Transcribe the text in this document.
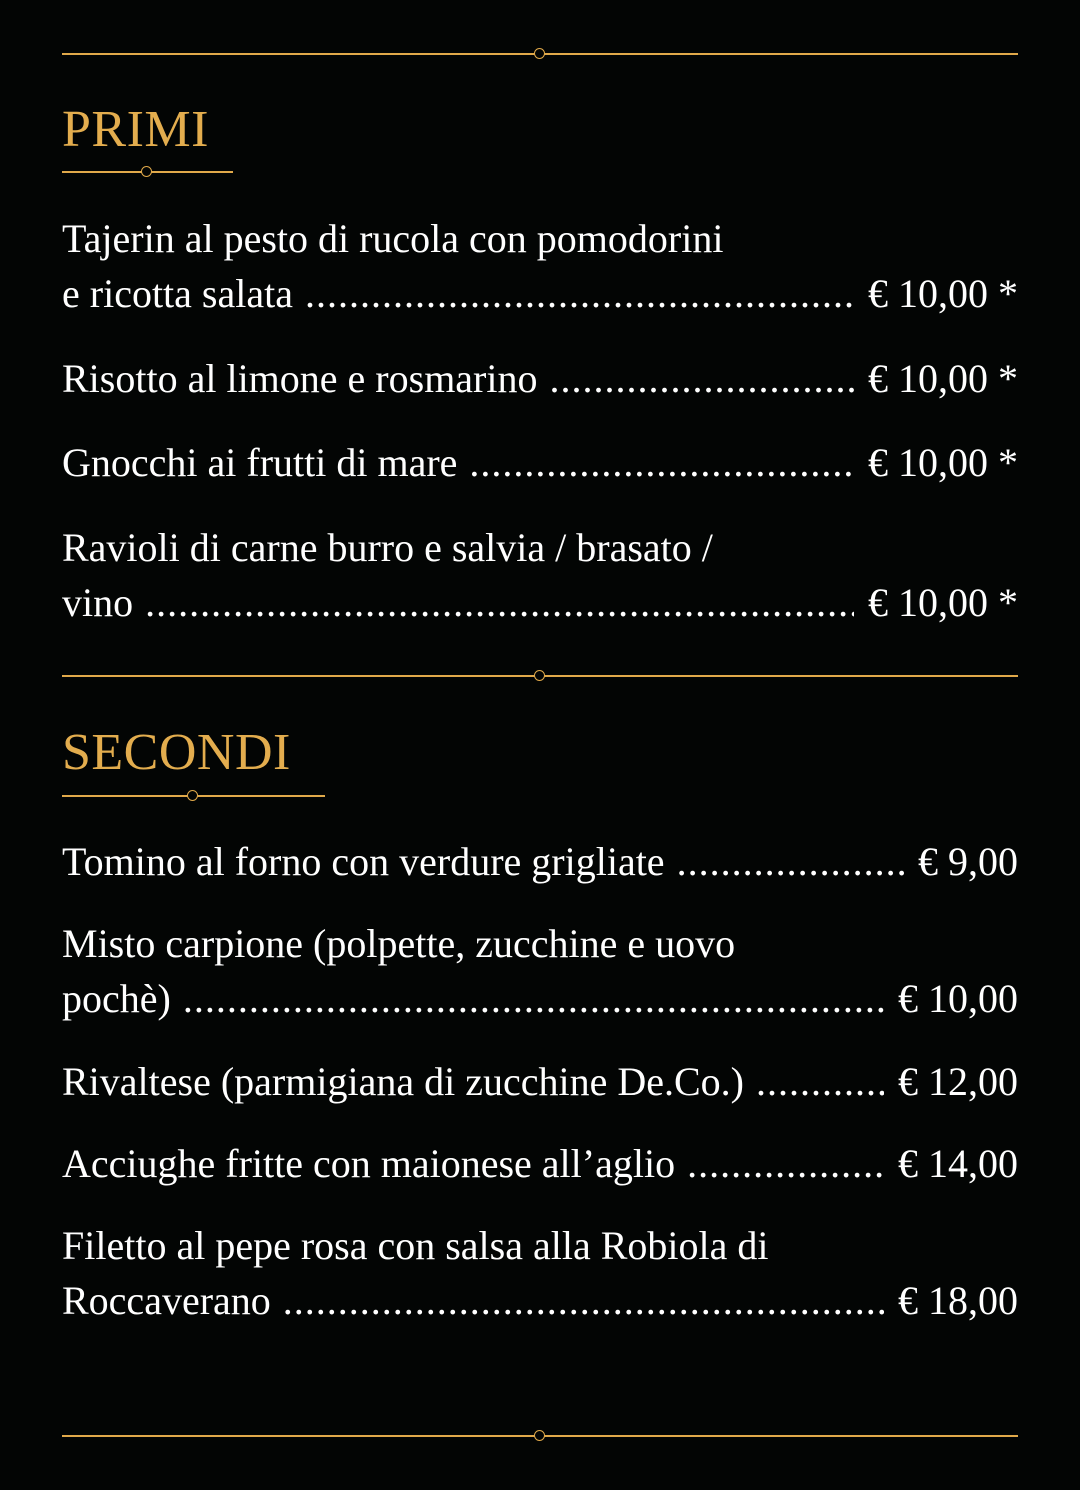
PRIMI
Tajerin al pesto di rucola con pomodorini
e ricotta salata .....	€ 10,00 *
Risotto al limone e rosmarino .....	€ 10,00 *
Gnocchi ai frutti di mare .....	€ 10,00 *
Ravioli di carne burro e salvia / brasato /
vino .....	€ 10,00 *
SECONDI
Tomino al forno con verdure grigliate .....	€ 9,00
Misto carpione (polpette, zucchine e uovo
pochè) .....	€ 10,00
Rivaltese (parmigiana di zucchine De.Co.) .....	€ 12,00
Acciughe fritte con maionese all’aglio .....	€ 14,00
Filetto al pepe rosa con salsa alla Robiola di
Roccaverano .....	€ 18,00
